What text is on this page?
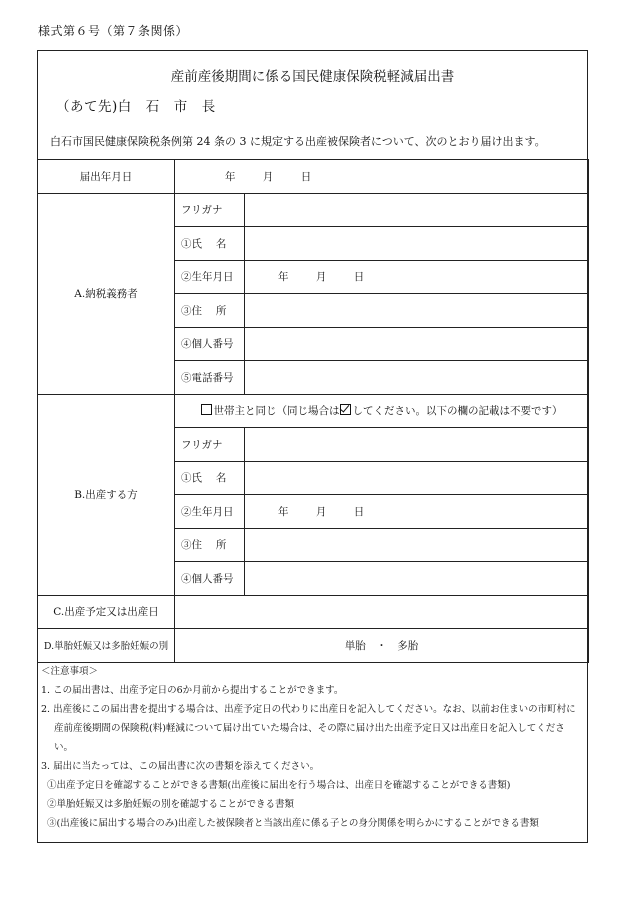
様式第６号（第７条関係）
産前産後期間に係る国民健康保険税軽減届出書
（あて先)白　石　市　長
白石市国民健康保険税条例第 24 条の 3 に規定する出産被保険者について、次のとおり届け出ます。
届出年月日	年 月 日	
A.納税義務者	フリガナ	
	①氏　 名	
	②生年月日	年 月 日
	③住　 所	
	④個人番号	
	⑤電話番号	
B.出産する方	世帯主と同じ（同じ場合は してください。以下の欄の記載は不要です）	
	フリガナ	
	①氏　 名	
	②生年月日	年 月 日
	③住　 所	
	④個人番号	
C.出産予定又は出産日		
D.単胎妊娠又は多胎妊娠の別	単胎　・　多胎	
＜注意事項＞
1. この届出書は、出産予定日の6か月前から提出することができます。
2. 出産後にこの届出書を提出する場合は、出産予定日の代わりに出産日を記入してください。なお、以前お住まいの市町村に
産前産後期間の保険税(料)軽減について届け出ていた場合は、その際に届け出た出産予定日又は出産日を記入してくださ
い。
3. 届出に当たっては、この届出書に次の書類を添えてください。
①出産予定日を確認することができる書類(出産後に届出を行う場合は、出産日を確認することができる書類)
②単胎妊娠又は多胎妊娠の別を確認することができる書類
③(出産後に届出する場合のみ)出産した被保険者と当該出産に係る子との身分関係を明らかにすることができる書類
